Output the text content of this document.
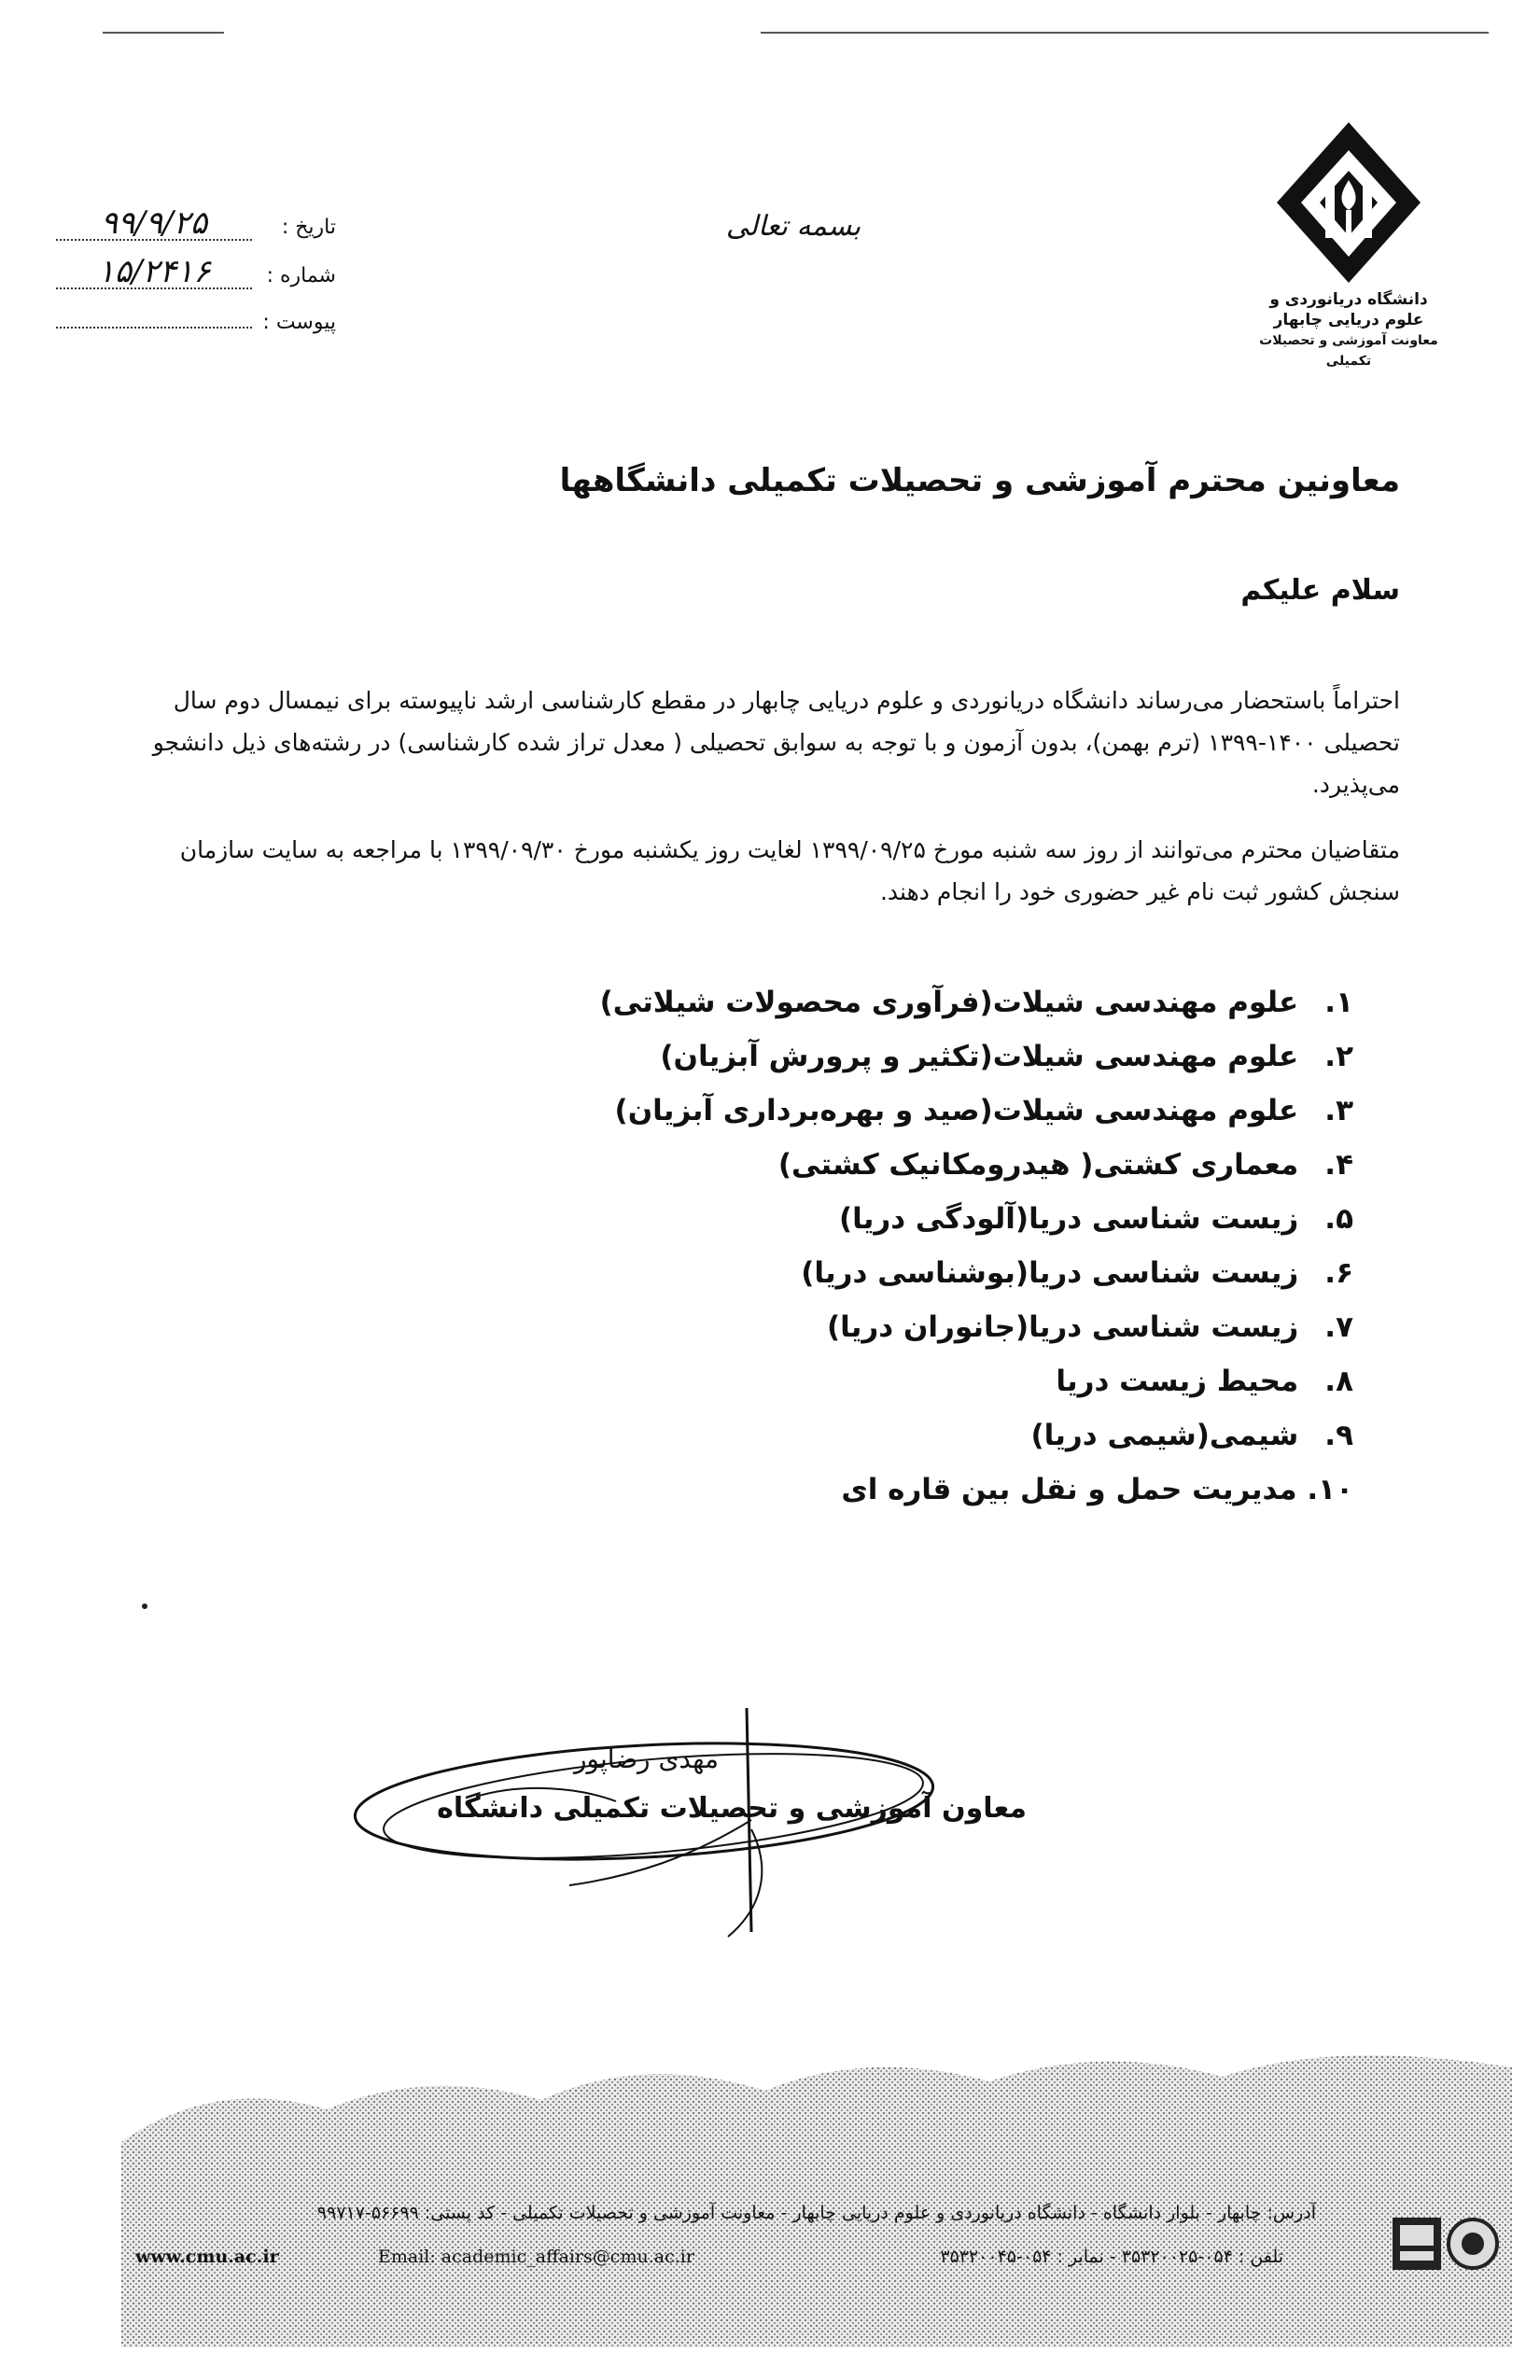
دانشگاه دریانوردی و
علوم دریایی چابهار
معاونت آموزشی و تحصیلات تکمیلی
بسمه تعالی
تاریخ :۹۹/۹/۲۵
شماره :۱۵/۲۴۱۶
پیوست :
معاونین محترم آموزشی و تحصیلات تکمیلی دانشگاهها
سلام علیکم
احتراماً باستحضار می‌رساند دانشگاه دریانوردی و علوم دریایی چابهار در مقطع کارشناسی ارشد ناپیوسته برای نیمسال دوم سال تحصیلی ۱۴۰۰-۱۳۹۹ (ترم بهمن)، بدون آزمون و با توجه به سوابق تحصیلی ( معدل تراز شده کارشناسی) در رشته‌های ذیل دانشجو می‌پذیرد.
متقاضیان محترم می‌توانند از روز سه شنبه مورخ ۱۳۹۹/۰۹/۲۵ لغایت روز یکشنبه مورخ ۱۳۹۹/۰۹/۳۰ با مراجعه به سایت سازمان سنجش کشور ثبت نام غیر حضوری خود را انجام دهند.
۱. علوم مهندسی شیلات(فرآوری محصولات شیلاتی)
۲. علوم مهندسی شیلات(تکثیر و پرورش آبزیان)
۳. علوم مهندسی شیلات(صید و بهره‌برداری آبزیان)
۴. معماری کشتی( هیدرومکانیک کشتی)
۵. زیست شناسی دریا(آلودگی دریا)
۶. زیست شناسی دریا(بوشناسی دریا)
۷. زیست شناسی دریا(جانوران دریا)
۸. محیط زیست دریا
۹. شیمی(شیمی دریا)
۱۰. مدیریت حمل و نقل بین قاره ای
مهدی رضاپور
معاون آموزشی و تحصیلات تکمیلی دانشگاه
آدرس: چابهار - بلوار دانشگاه - دانشگاه دریانوردی و علوم دریایی چابهار - معاونت آموزشی و تحصیلات تکمیلی - کد پستی: ۵۶۶۹۹-۹۹۷۱۷
www.cmu.ac.ir	Email: academic_affairs@cmu.ac.ir	تلفن : ۰۵۴-۳۵۳۲۰۰۲۵ - نمابر : ۰۵۴-۳۵۳۲۰۰۴۵
